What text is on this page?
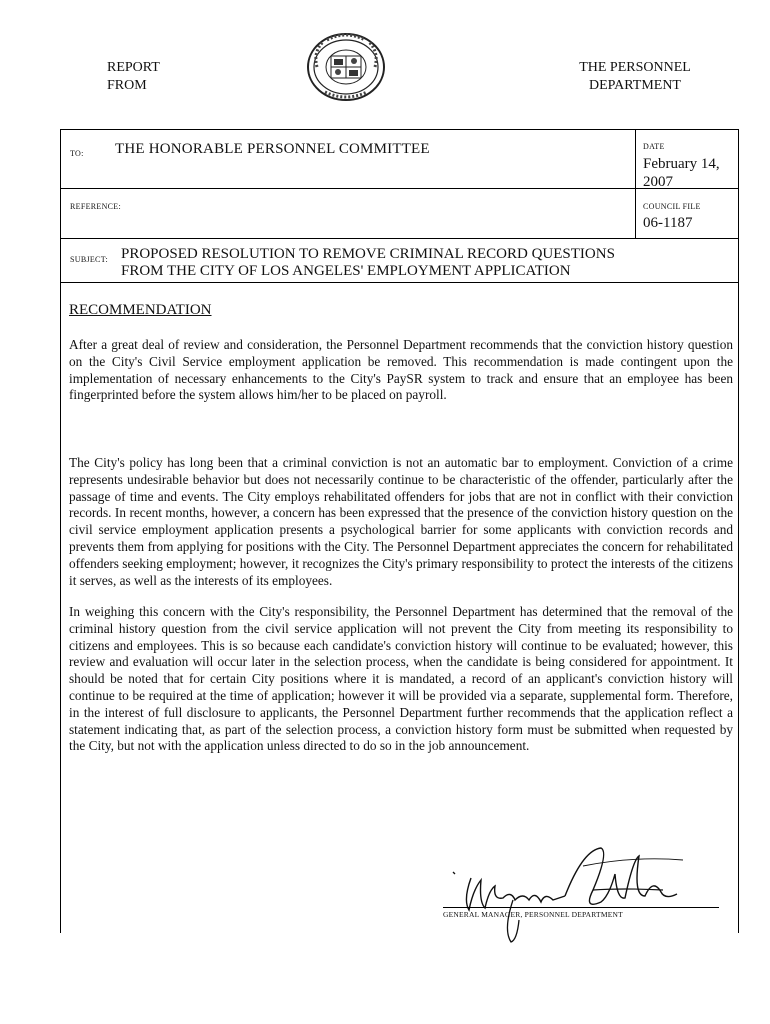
REPORT
FROM
THE PERSONNEL
DEPARTMENT
TO: THE HONORABLE PERSONNEL COMMITTEE	DATE
February 14, 2007
REFERENCE:	COUNCIL FILE
06-1187
SUBJECT: PROPOSED RESOLUTION TO REMOVE CRIMINAL RECORD QUESTIONS
FROM THE CITY OF LOS ANGELES' EMPLOYMENT APPLICATION
RECOMMENDATION
After a great deal of review and consideration, the Personnel Department recommends that the conviction history question on the City's Civil Service employment application be removed. This recommendation is made contingent upon the implementation of necessary enhancements to the City's PaySR system to track and ensure that an employee has been fingerprinted before the system allows him/her to be placed on payroll.
The City's policy has long been that a criminal conviction is not an automatic bar to employment. Conviction of a crime represents undesirable behavior but does not necessarily continue to be characteristic of the offender, particularly after the passage of time and events. The City employs rehabilitated offenders for jobs that are not in conflict with their conviction records. In recent months, however, a concern has been expressed that the presence of the conviction history question on the civil service employment application presents a psychological barrier for some applicants with conviction records and prevents them from applying for positions with the City. The Personnel Department appreciates the concern for rehabilitated offenders seeking employment; however, it recognizes the City's primary responsibility to protect the interests of the citizens it serves, as well as the interests of its employees.
In weighing this concern with the City's responsibility, the Personnel Department has determined that the removal of the criminal history question from the civil service application will not prevent the City from meeting its responsibility to citizens and employees. This is so because each candidate's conviction history will continue to be evaluated; however, this review and evaluation will occur later in the selection process, when the candidate is being considered for appointment. It should be noted that for certain City positions where it is mandated, a record of an applicant's conviction history will continue to be required at the time of application; however it will be provided via a separate, supplemental form. Therefore, in the interest of full disclosure to applicants, the Personnel Department further recommends that the application reflect a statement indicating that, as part of the selection process, a conviction history form must be submitted when requested by the City, but not with the application unless directed to do so in the job announcement.
GENERAL MANAGER, PERSONNEL DEPARTMENT
